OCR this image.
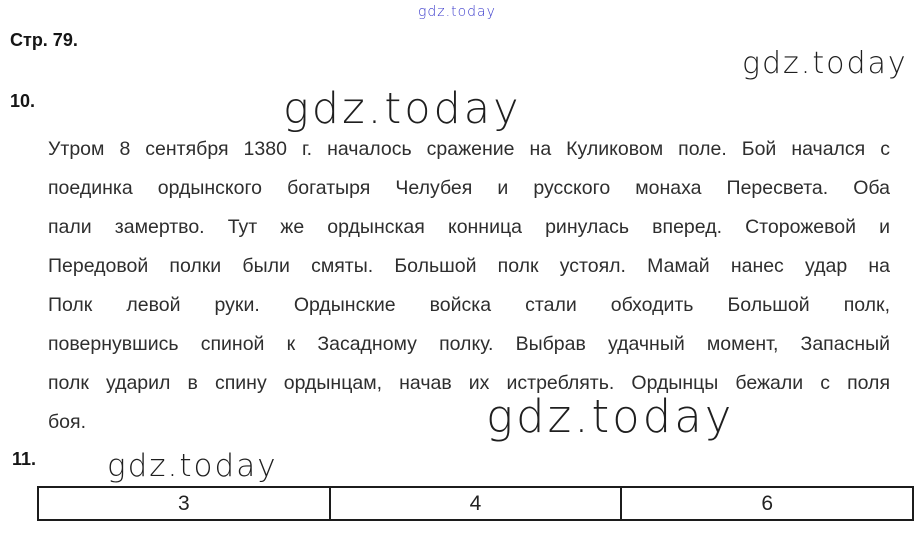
gdz.today
Стр. 79.
gdz.today
10.	gdz.today
Утром 8 сентября 1380 г. началось сражение на Куликовом поле. Бой начался с
поединка ордынского богатыря Челубея и русского монаха Пересвета. Оба
пали замертво. Тут же ордынская конница ринулась вперед. Сторожевой и
Передовой полки были смяты. Большой полк устоял. Мамай нанес удар на
Полк левой руки. Ордынские войска стали обходить Большой полк,
повернувшись спиной к Засадному полку. Выбрав удачный момент, Запасный
полк ударил в спину ордынцам, начав их истреблять. Ордынцы бежали с поля
боя.	gdz.today
11. gdz.today
3	4	6
